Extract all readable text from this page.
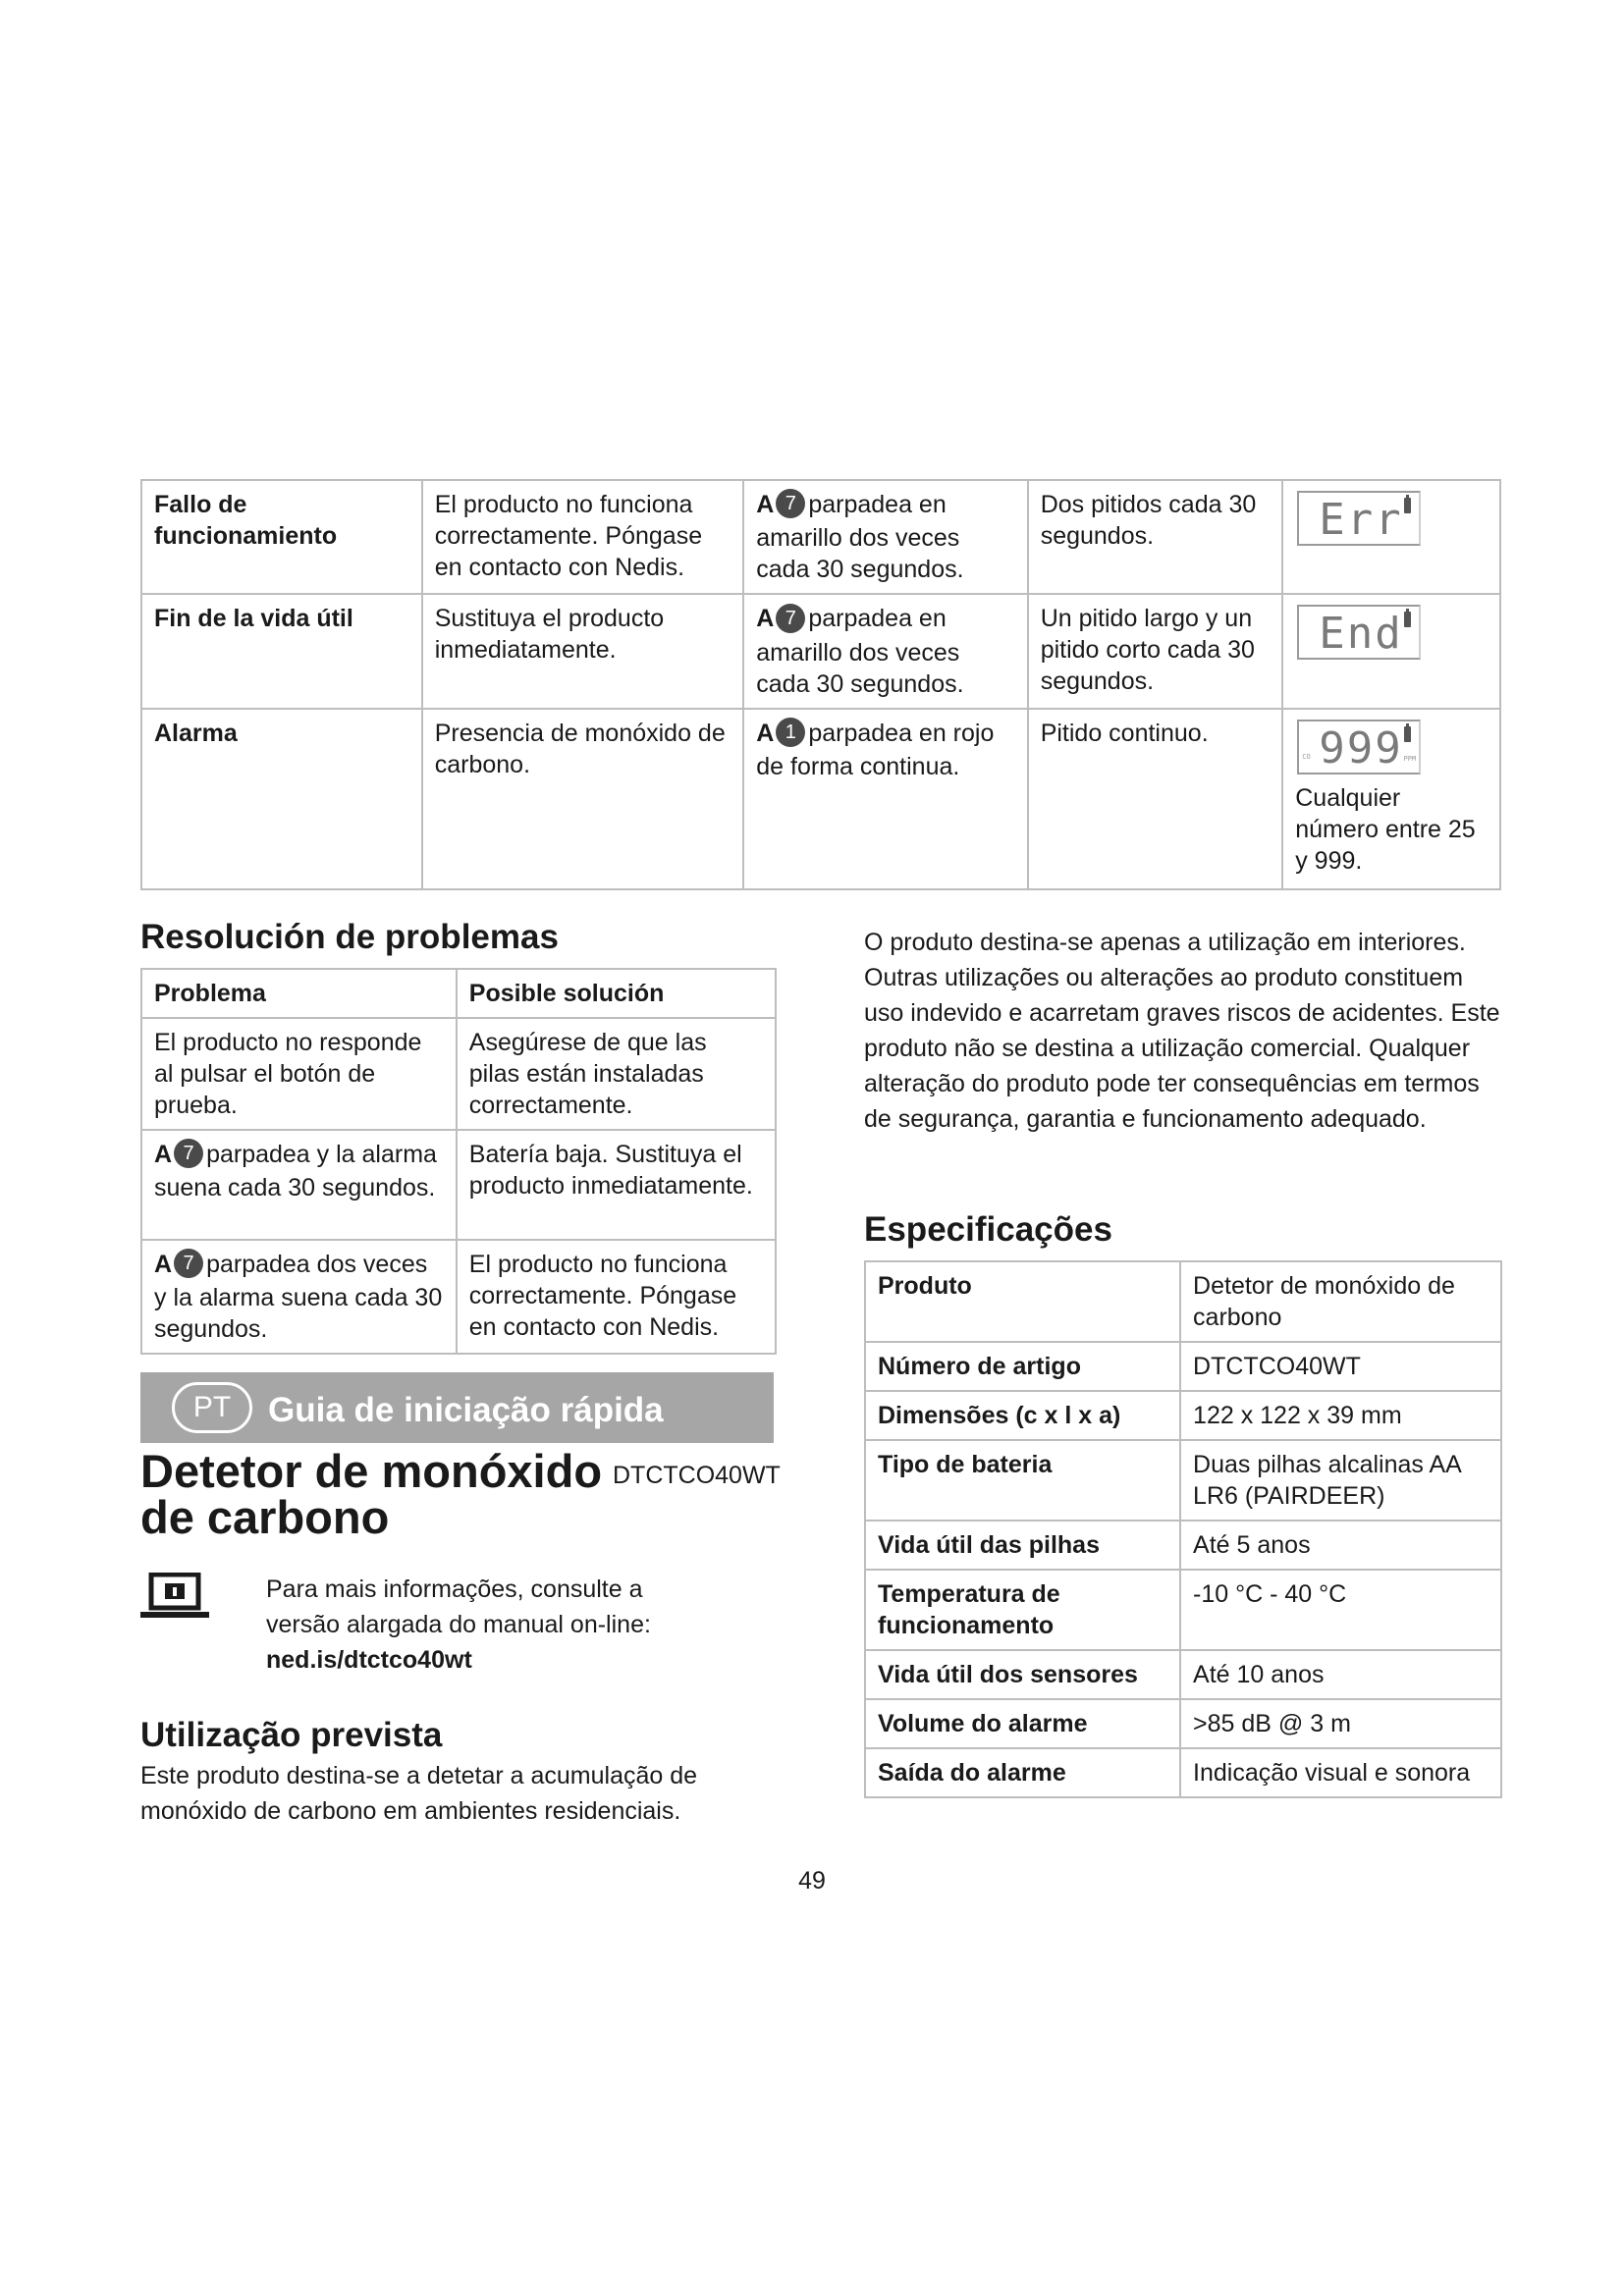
Fallo de funcionamiento	El producto no funciona correctamente. Póngase en contacto con Nedis.	A 7 parpadea en amarillo dos veces cada 30 segundos.	Dos pitidos cada 30 segundos.	Err

Fin de la vida útil	Sustituya el producto inmediatamente.	A 7 parpadea en amarillo dos veces cada 30 segundos.	Un pitido largo y un pitido corto cada 30 segundos.	End

Alarma	Presencia de monóxido de carbono.	A 1 parpadea en rojo de forma continua.	Pitido continuo.	CO 999 PPM
Cualquier número entre 25 y 999.
Resolución de problemas
Problema	Posible solución
El producto no responde al pulsar el botón de prueba.	Asegúrese de que las pilas están instaladas correctamente.
A 7 parpadea y la alarma suena cada 30 segundos.	Batería baja. Sustituya el producto inmediatamente.
A 7 parpadea dos veces y la alarma suena cada 30 segundos.	El producto no funciona correctamente. Póngase en contacto con Nedis.
PT	Guia de iniciação rápida
Detetor de monóxido
de carbono
DTCTCO40WT
Para mais informações, consulte a
versão alargada do manual on-line:
ned.is/dtctco40wt
Utilização prevista
Este produto destina-se a detetar a acumulação de monóxido de carbono em ambientes residenciais.
O produto destina-se apenas a utilização em interiores. Outras utilizações ou alterações ao produto constituem uso indevido e acarretam graves riscos de acidentes. Este produto não se destina a utilização comercial. Qualquer alteração do produto pode ter consequências em termos de segurança, garantia e funcionamento adequado.
Especificações
Produto	Detetor de monóxido de carbono
Número de artigo	DTCTCO40WT
Dimensões (c x l x a)	122 x 122 x 39 mm
Tipo de bateria	Duas pilhas alcalinas AA LR6 (PAIRDEER)
Vida útil das pilhas	Até 5 anos
Temperatura de funcionamento	-10 °C - 40 °C
Vida útil dos sensores	Até 10 anos
Volume do alarme	>85 dB @ 3 m
Saída do alarme	Indicação visual e sonora
49
